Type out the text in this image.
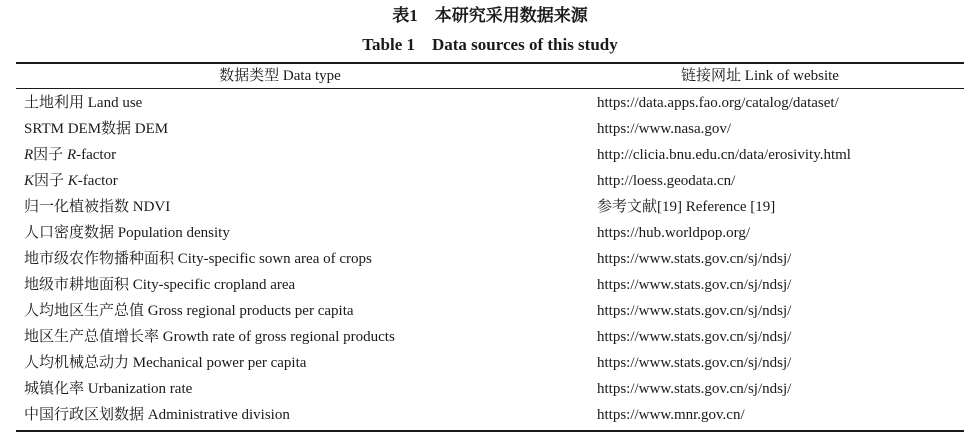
表1　本研究采用数据来源
Table 1　Data sources of this study
数据类型 Data type	链接网址 Link of website
土地利用 Land use	https://data.apps.fao.org/catalog/dataset/
SRTM DEM数据 DEM	https://www.nasa.gov/
R因子 R-factor	http://clicia.bnu.edu.cn/data/erosivity.html
K因子 K-factor	http://loess.geodata.cn/
归一化植被指数 NDVI	参考文献[19] Reference [19]
人口密度数据 Population density	https://hub.worldpop.org/
地市级农作物播种面积 City-specific sown area of crops	https://www.stats.gov.cn/sj/ndsj/
地级市耕地面积 City-specific cropland area	https://www.stats.gov.cn/sj/ndsj/
人均地区生产总值 Gross regional products per capita	https://www.stats.gov.cn/sj/ndsj/
地区生产总值增长率 Growth rate of gross regional products	https://www.stats.gov.cn/sj/ndsj/
人均机械总动力 Mechanical power per capita	https://www.stats.gov.cn/sj/ndsj/
城镇化率 Urbanization rate	https://www.stats.gov.cn/sj/ndsj/
中国行政区划数据 Administrative division	https://www.mnr.gov.cn/
